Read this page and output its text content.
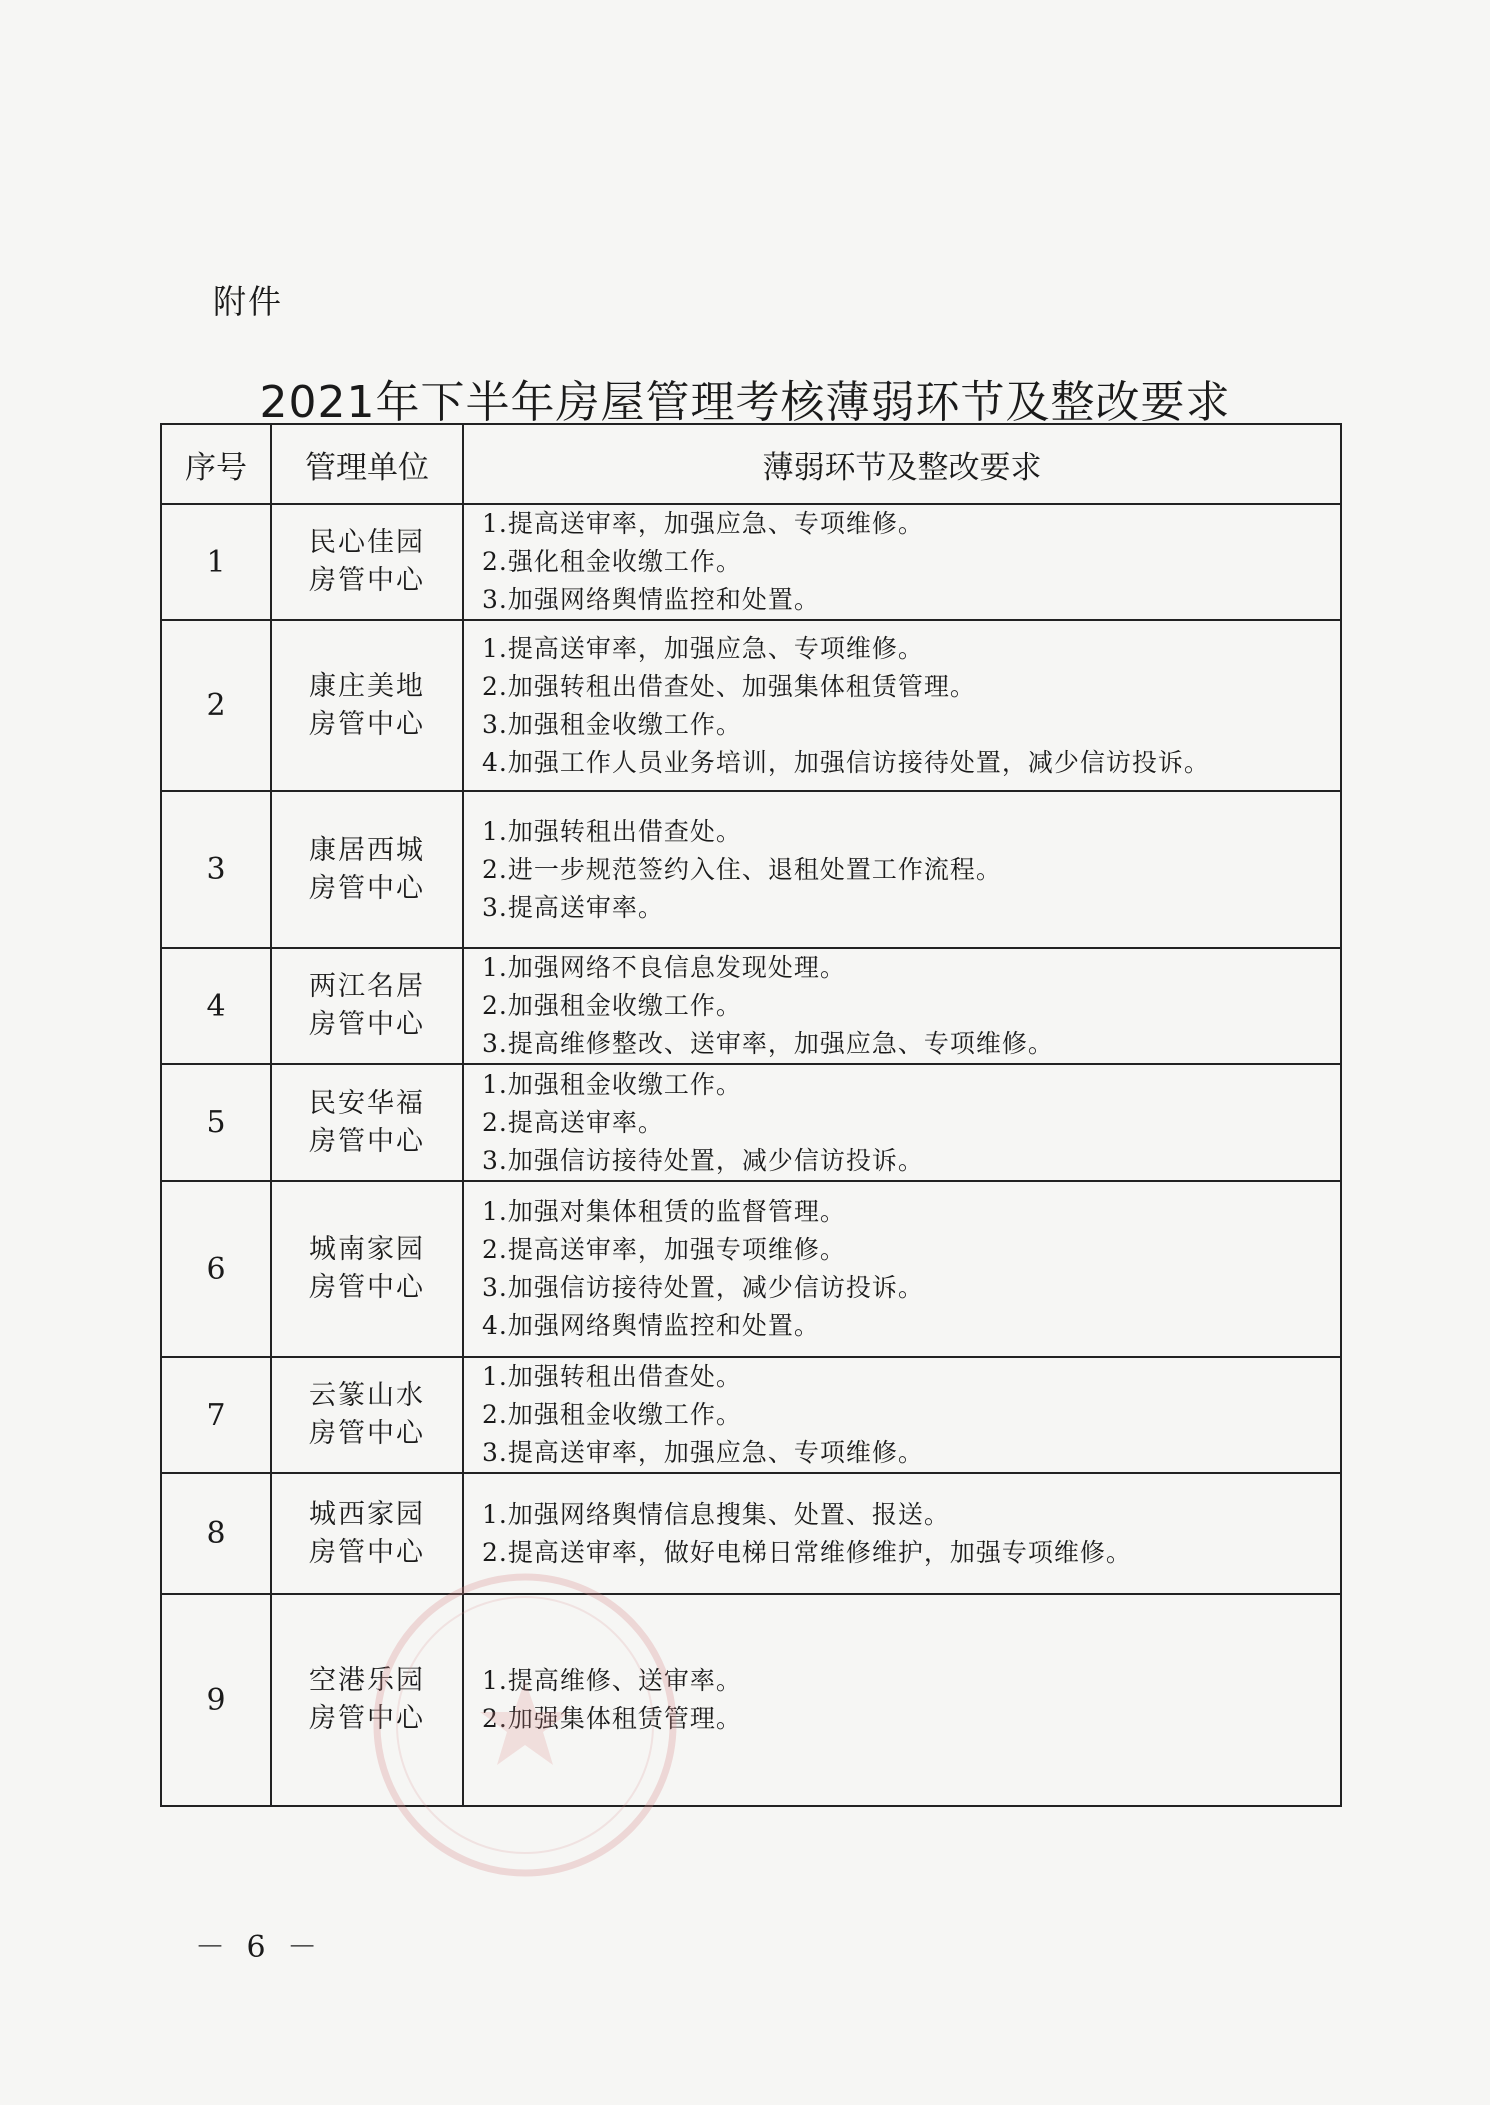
附件
2021年下半年房屋管理考核薄弱环节及整改要求
序号	管理单位	薄弱环节及整改要求
1	民心佳园
房管中心	1.提高送审率，加强应急、专项维修。
2.强化租金收缴工作。
3.加强网络舆情监控和处置。

2	康庄美地
房管中心	1.提高送审率，加强应急、专项维修。
2.加强转租出借查处、加强集体租赁管理。
3.加强租金收缴工作。
4.加强工作人员业务培训，加强信访接待处置，减少信访投诉。

3	康居西城
房管中心	1.加强转租出借查处。
2.进一步规范签约入住、退租处置工作流程。
3.提高送审率。

4	两江名居
房管中心	1.加强网络不良信息发现处理。
2.加强租金收缴工作。
3.提高维修整改、送审率，加强应急、专项维修。

5	民安华福
房管中心	1.加强租金收缴工作。
2.提高送审率。
3.加强信访接待处置，减少信访投诉。

6	城南家园
房管中心	1.加强对集体租赁的监督管理。
2.提高送审率，加强专项维修。
3.加强信访接待处置，减少信访投诉。
4.加强网络舆情监控和处置。

7	云篆山水
房管中心	1.加强转租出借查处。
2.加强租金收缴工作。
3.提高送审率，加强应急、专项维修。

8	城西家园
房管中心	1.加强网络舆情信息搜集、处置、报送。
2.提高送审率，做好电梯日常维修维护，加强专项维修。

9	空港乐园
房管中心	1.提高维修、送审率。
2.加强集体租赁管理。
－ 6 －
